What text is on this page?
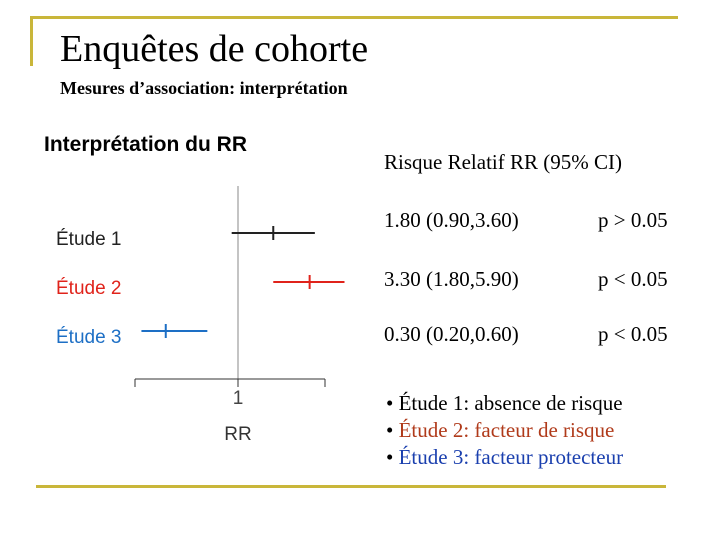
Enquêtes de cohorte
Mesures d’association: interprétation
Interprétation du RR
1
RR
Étude 1
Étude 2
Étude 3
Risque Relatif RR (95% CI)
1.80 (0.90,3.60)	p > 0.05
3.30 (1.80,5.90)	p < 0.05
0.30 (0.20,0.60)	p < 0.05
• Étude 1: absence de risque
• Étude 2: facteur de risque
• Étude 3: facteur protecteur
